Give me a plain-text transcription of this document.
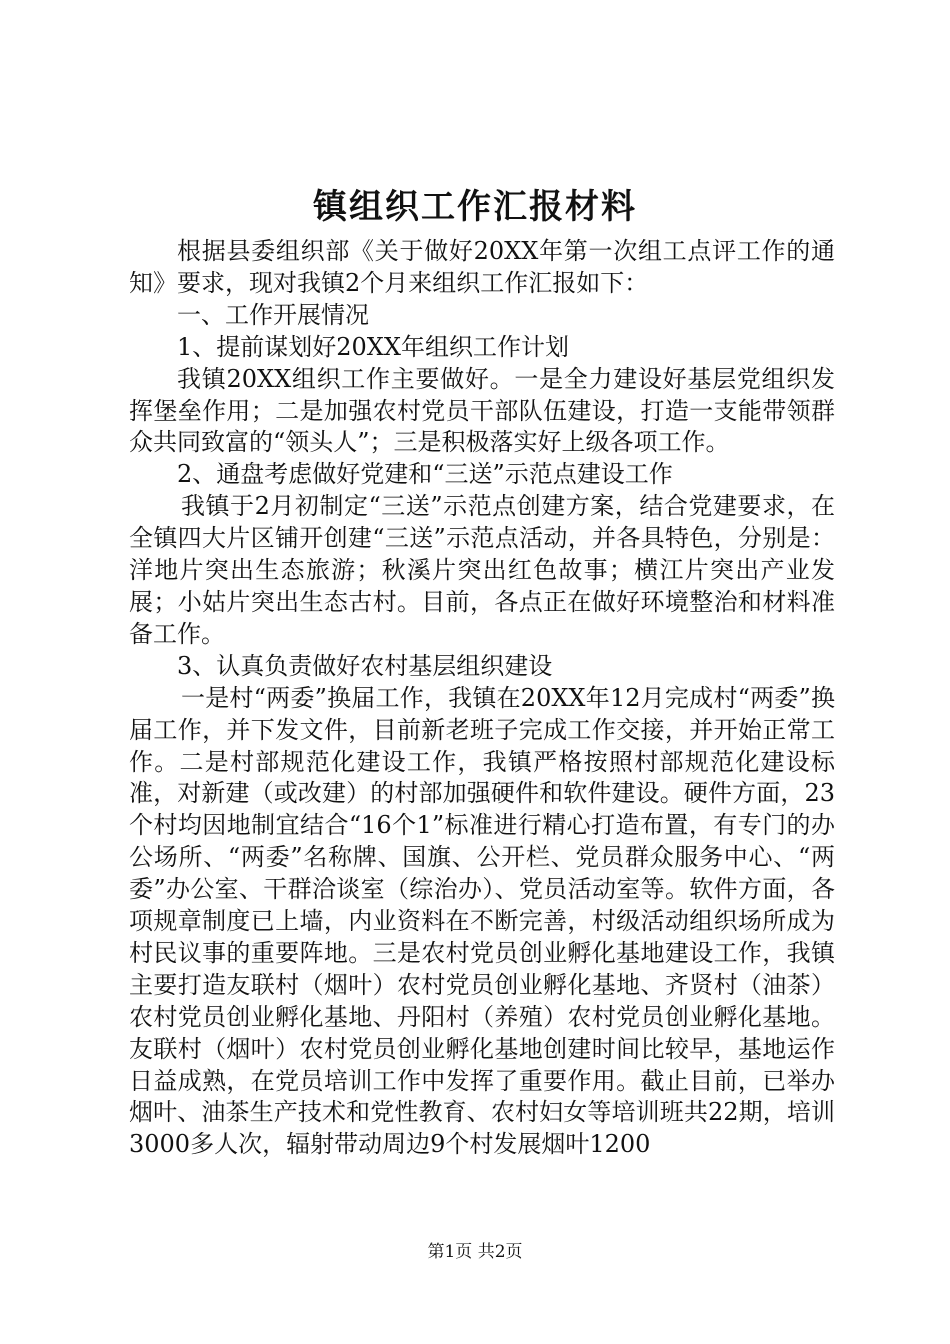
镇组织工作汇报材料

根据县委组织部《关于做好20XX年第一次组工点评工作的通知》要求，现对我镇2个月来组织工作汇报如下：

一、工作开展情况

1、提前谋划好20XX年组织工作计划

我镇20XX组织工作主要做好。一是全力建设好基层党组织发挥堡垒作用；二是加强农村党员干部队伍建设，打造一支能带领群众共同致富的“领头人”；三是积极落实好上级各项工作。

2、通盘考虑做好党建和“三送”示范点建设工作

我镇于2月初制定“三送”示范点创建方案，结合党建要求，在全镇四大片区铺开创建“三送”示范点活动，并各具特色，分别是：洋地片突出生态旅游；秋溪片突出红色故事；横江片突出产业发展；小姑片突出生态古村。目前，各点正在做好环境整治和材料准备工作。

3、认真负责做好农村基层组织建设

一是村“两委”换届工作，我镇在20XX年12月完成村“两委”换届工作，并下发文件，目前新老班子完成工作交接，并开始正常工作。二是村部规范化建设工作，我镇严格按照村部规范化建设标准，对新建（或改建）的村部加强硬件和软件建设。硬件方面，23个村均因地制宜结合“16个1”标准进行精心打造布置，有专门的办公场所、“两委”名称牌、国旗、公开栏、党员群众服务中心、“两委”办公室、干群洽谈室（综治办）、党员活动室等。软件方面，各项规章制度已上墙，内业资料在不断完善，村级活动组织场所成为村民议事的重要阵地。三是农村党员创业孵化基地建设工作，我镇主要打造友联村（烟叶）农村党员创业孵化基地、齐贤村（油茶）农村党员创业孵化基地、丹阳村（养殖）农村党员创业孵化基地。友联村（烟叶）农村党员创业孵化基地创建时间比较早，基地运作日益成熟，在党员培训工作中发挥了重要作用。截止目前，已举办烟叶、油茶生产技术和党性教育、农村妇女等培训班共22期，培训3000多人次，辐射带动周边9个村发展烟叶1200

第1页 共2页
